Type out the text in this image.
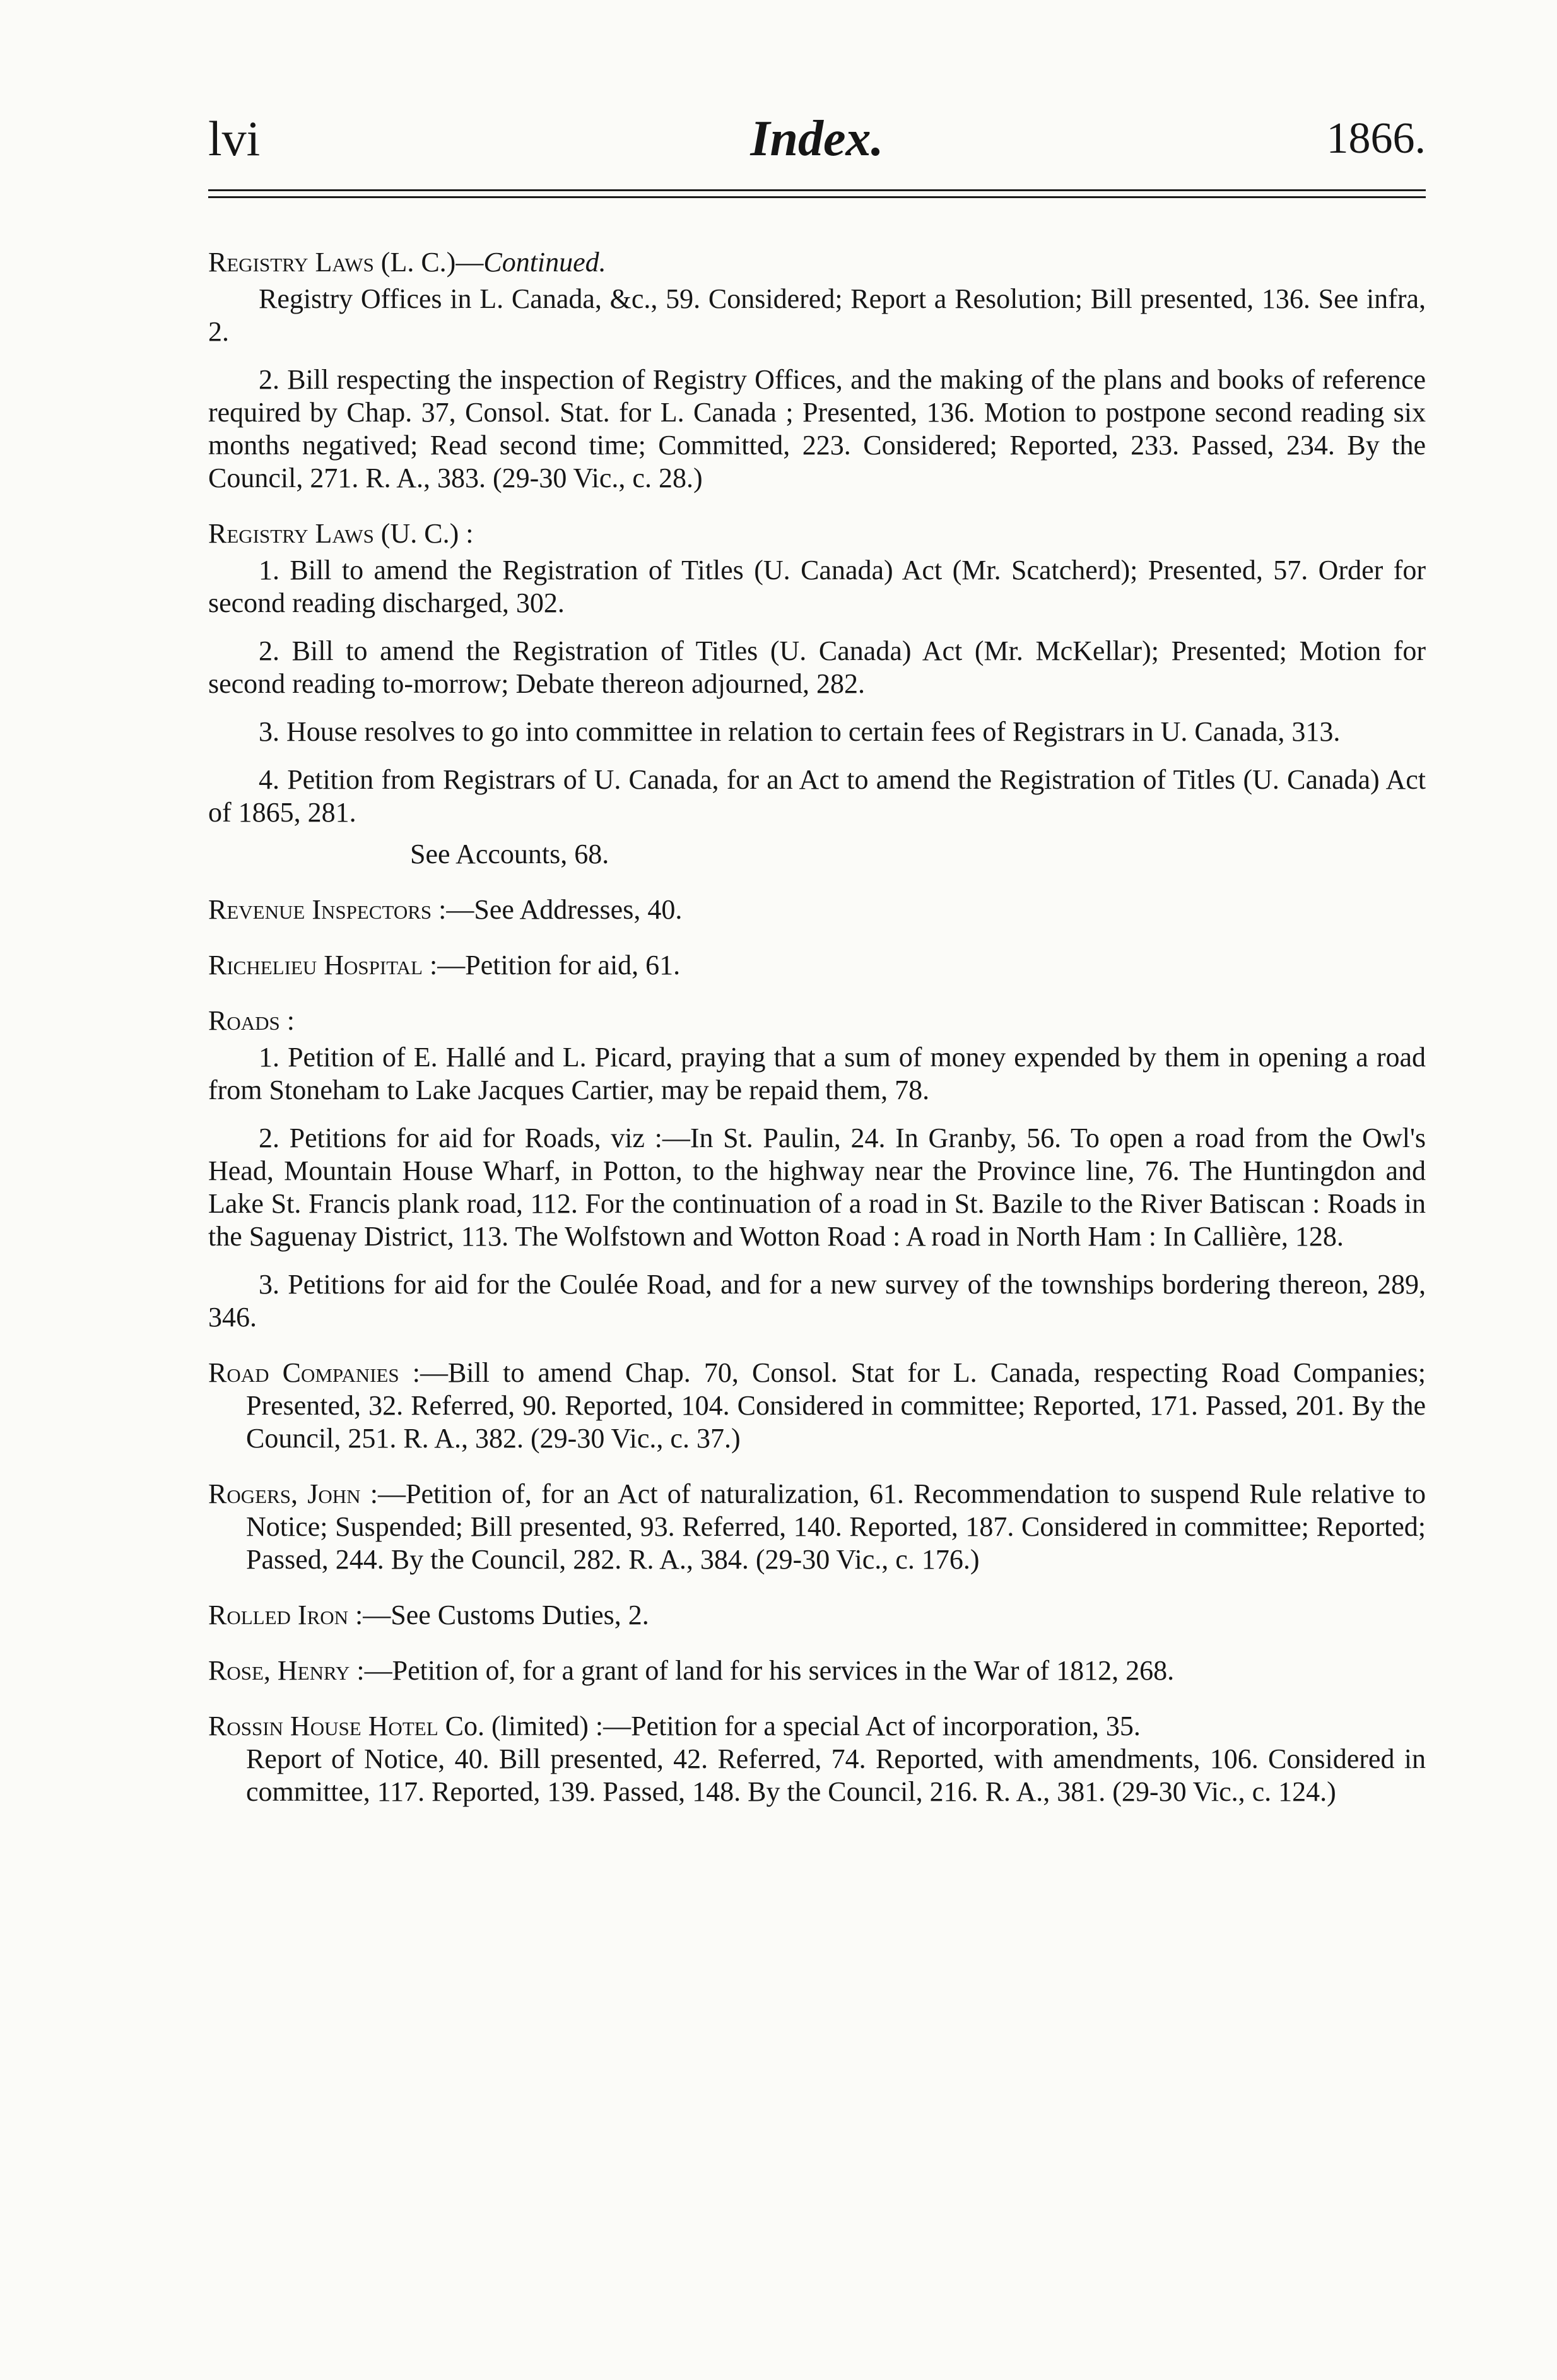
lvi	Index.	1866.
Registry Laws (L. C.)—Continued.
Registry Offices in L. Canada, &c., 59. Considered; Report a Resolution; Bill presented, 136. See infra, 2.
2. Bill respecting the inspection of Registry Offices, and the making of the plans and books of reference required by Chap. 37, Consol. Stat. for L. Canada ; Presented, 136. Motion to postpone second reading six months negatived; Read second time; Committed, 223. Considered; Reported, 233. Passed, 234. By the Council, 271. R. A., 383. (29-30 Vic., c. 28.)
Registry Laws (U. C.) :
1. Bill to amend the Registration of Titles (U. Canada) Act (Mr. Scatcherd); Presented, 57. Order for second reading discharged, 302.
2. Bill to amend the Registration of Titles (U. Canada) Act (Mr. McKellar); Presented; Motion for second reading to-morrow; Debate thereon adjourned, 282.
3. House resolves to go into committee in relation to certain fees of Registrars in U. Canada, 313.
4. Petition from Registrars of U. Canada, for an Act to amend the Registration of Titles (U. Canada) Act of 1865, 281.
See Accounts, 68.
Revenue Inspectors :—See Addresses, 40.
Richelieu Hospital :—Petition for aid, 61.
Roads :
1. Petition of E. Hallé and L. Picard, praying that a sum of money expended by them in opening a road from Stoneham to Lake Jacques Cartier, may be repaid them, 78.
2. Petitions for aid for Roads, viz :—In St. Paulin, 24. In Granby, 56. To open a road from the Owl's Head, Mountain House Wharf, in Potton, to the highway near the Province line, 76. The Huntingdon and Lake St. Francis plank road, 112. For the continuation of a road in St. Bazile to the River Batiscan : Roads in the Saguenay District, 113. The Wolfstown and Wotton Road : A road in North Ham : In Callière, 128.
3. Petitions for aid for the Coulée Road, and for a new survey of the townships bordering thereon, 289, 346.
Road Companies :—Bill to amend Chap. 70, Consol. Stat for L. Canada, respecting Road Companies; Presented, 32. Referred, 90. Reported, 104. Considered in committee; Reported, 171. Passed, 201. By the Council, 251. R. A., 382. (29-30 Vic., c. 37.)
Rogers, John :—Petition of, for an Act of naturalization, 61. Recommendation to suspend Rule relative to Notice; Suspended; Bill presented, 93. Referred, 140. Reported, 187. Considered in committee; Reported; Passed, 244. By the Council, 282. R. A., 384. (29-30 Vic., c. 176.)
Rolled Iron :—See Customs Duties, 2.
Rose, Henry :—Petition of, for a grant of land for his services in the War of 1812, 268.
Rossin House Hotel Co. (limited) :—Petition for a special Act of incorporation, 35.
Report of Notice, 40. Bill presented, 42. Referred, 74. Reported, with amendments, 106. Considered in committee, 117. Reported, 139. Passed, 148. By the Council, 216. R. A., 381. (29-30 Vic., c. 124.)
